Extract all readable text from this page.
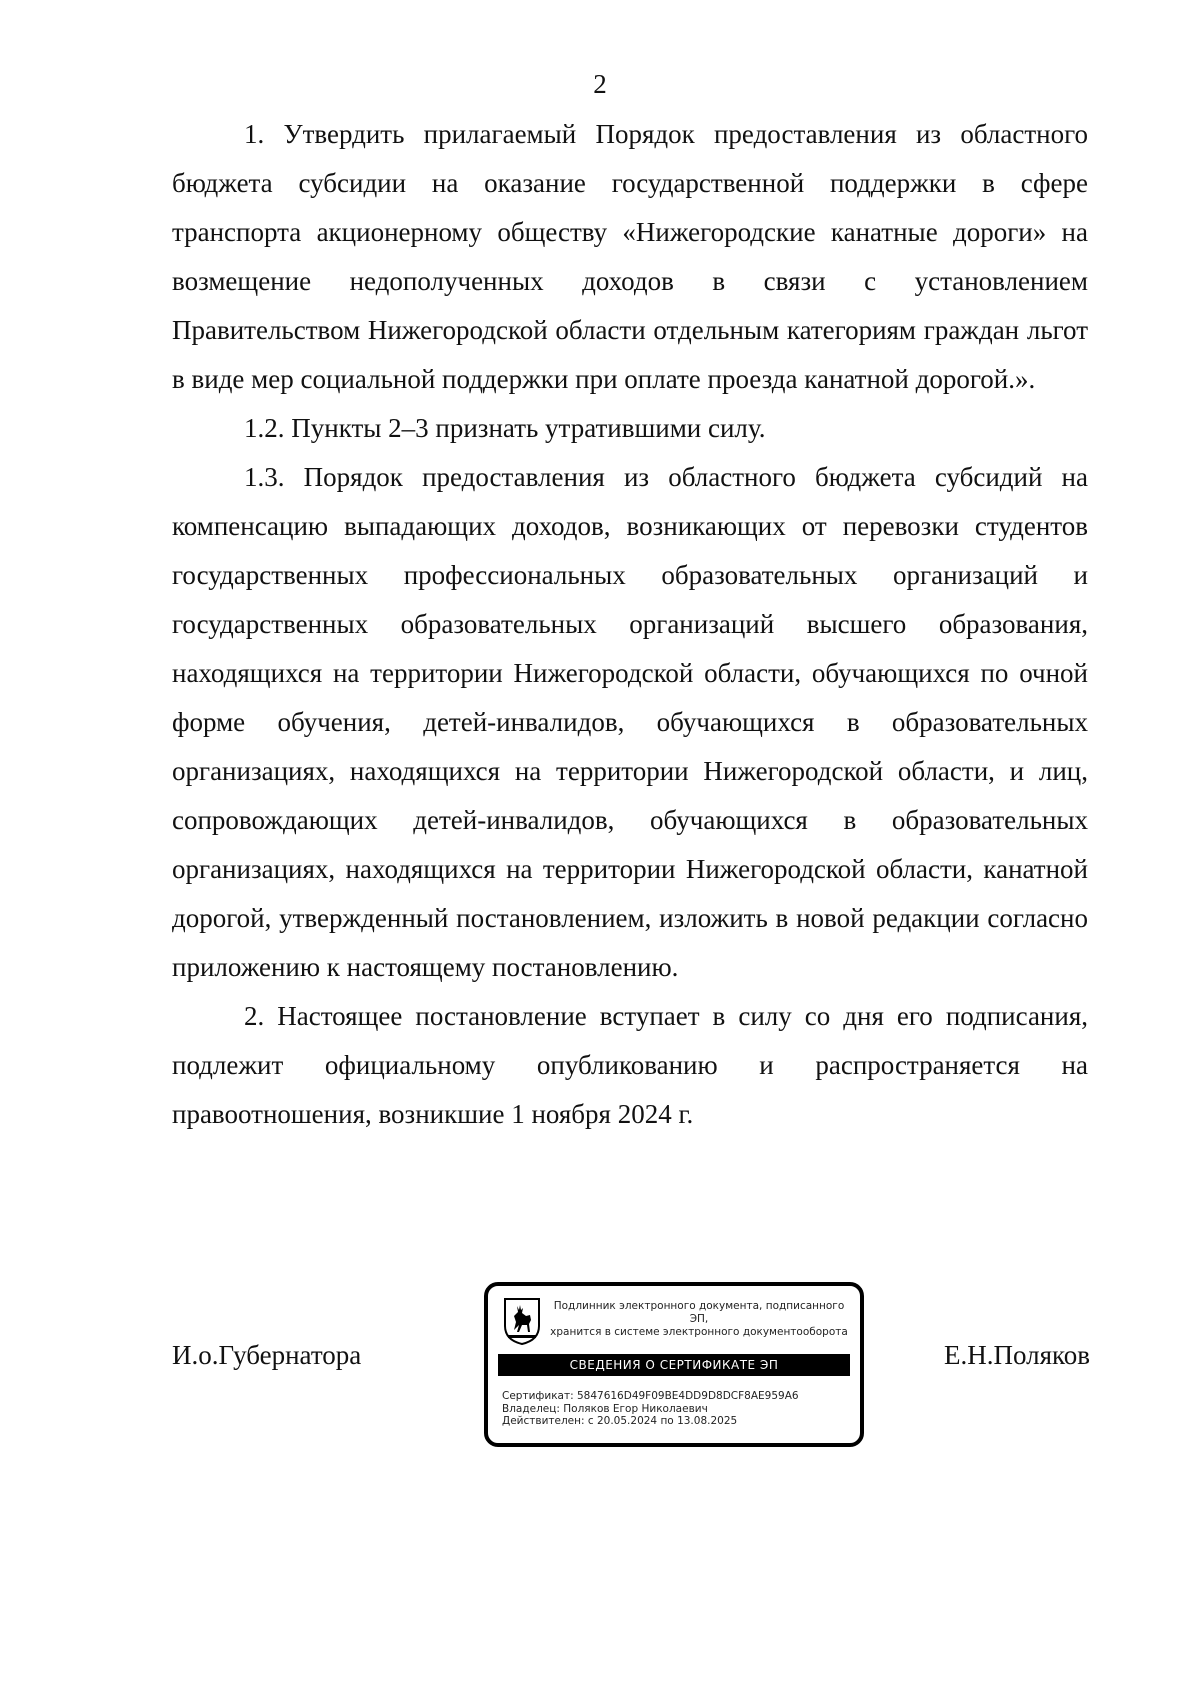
2

1. Утвердить прилагаемый Порядок предоставления из областного бюджета субсидии на оказание государственной поддержки в сфере транспорта акционерному обществу «Нижегородские канатные дороги» на возмещение недополученных доходов в связи с установлением Правительством Нижегородской области отдельным категориям граждан льгот в виде мер социальной поддержки при оплате проезда канатной дорогой.».

1.2. Пункты 2–3 признать утратившими силу.

1.3. Порядок предоставления из областного бюджета субсидий на компенсацию выпадающих доходов, возникающих от перевозки студентов государственных профессиональных образовательных организаций и государственных образовательных организаций высшего образования, находящихся на территории Нижегородской области, обучающихся по очной форме обучения, детей-инвалидов, обучающихся в образовательных организациях, находящихся на территории Нижегородской области, и лиц, сопровождающих детей-инвалидов, обучающихся в образовательных организациях, находящихся на территории Нижегородской области, канатной дорогой, утвержденный постановлением, изложить в новой редакции согласно приложению к настоящему постановлению.

2. Настоящее постановление вступает в силу со дня его подписания, подлежит официальному опубликованию и распространяется на правоотношения, возникшие 1 ноября 2024 г.

И.о.Губернатора
Подлинник электронного документа, подписанного ЭП,
хранится в системе электронного документооборота
СВЕДЕНИЯ О СЕРТИФИКАТЕ ЭП
Сертификат: 5847616D49F09BE4DD9D8DCF8AE959A6
Владелец: Поляков Егор Николаевич
Действителен: с 20.05.2024 по 13.08.2025
Е.Н.Поляков
